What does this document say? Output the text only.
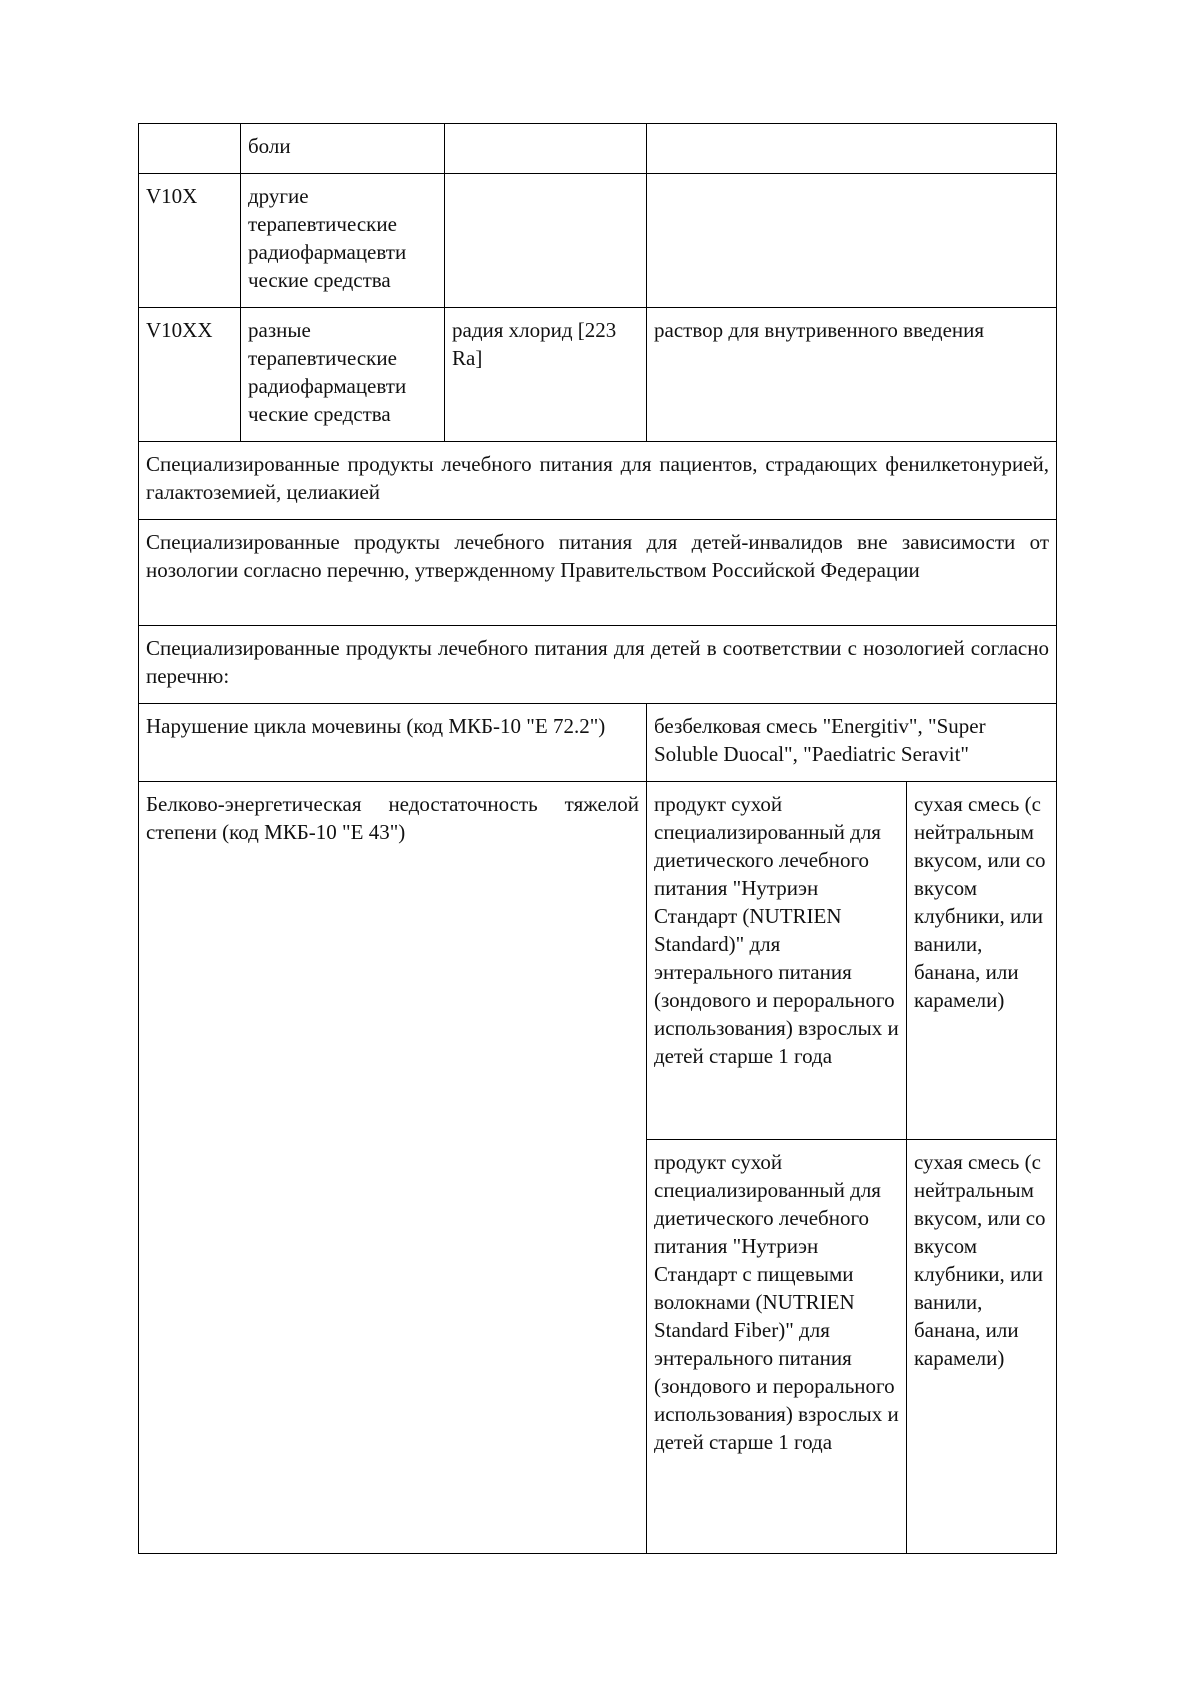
	боли			
V10X	другие терапевтические радиофармацевти ческие средства			
V10XX	разные терапевтические радиофармацевти ческие средства	радия хлорид [223 Ra]	раствор для внутривенного введения	
Специализированные продукты лечебного питания для пациентов, страдающих фенилкетонурией, галактоземией, целиакией				
Специализированные продукты лечебного питания для детей-инвалидов вне зависимости от нозологии согласно перечню, утвержденному Правительством Российской Федерации				
Специализированные продукты лечебного питания для детей в соответствии с нозологией согласно перечню:				
Нарушение цикла мочевины (код МКБ-10 "Е 72.2")			безбелковая смесь "Energitiv", "Super Soluble Duocal", "Paediatric Seravit"	
Белково-энергетическая недостаточность тяжелой степени (код МКБ-10 "Е 43")			продукт сухой специализированный для диетического лечебного питания "Нутриэн Стандарт (NUTRIEN Standard)" для энтерального питания (зондового и перорального использования) взрослых и детей старше 1 года	сухая смесь (с нейтральным вкусом, или со вкусом клубники, или ванили, банана, или карамели)
			продукт сухой специализированный для диетического лечебного питания "Нутриэн Стандарт с пищевыми волокнами (NUTRIEN Standard Fiber)" для энтерального питания (зондового и перорального использования) взрослых и детей старше 1 года	сухая смесь (с нейтральным вкусом, или со вкусом клубники, или ванили, банана, или карамели)
